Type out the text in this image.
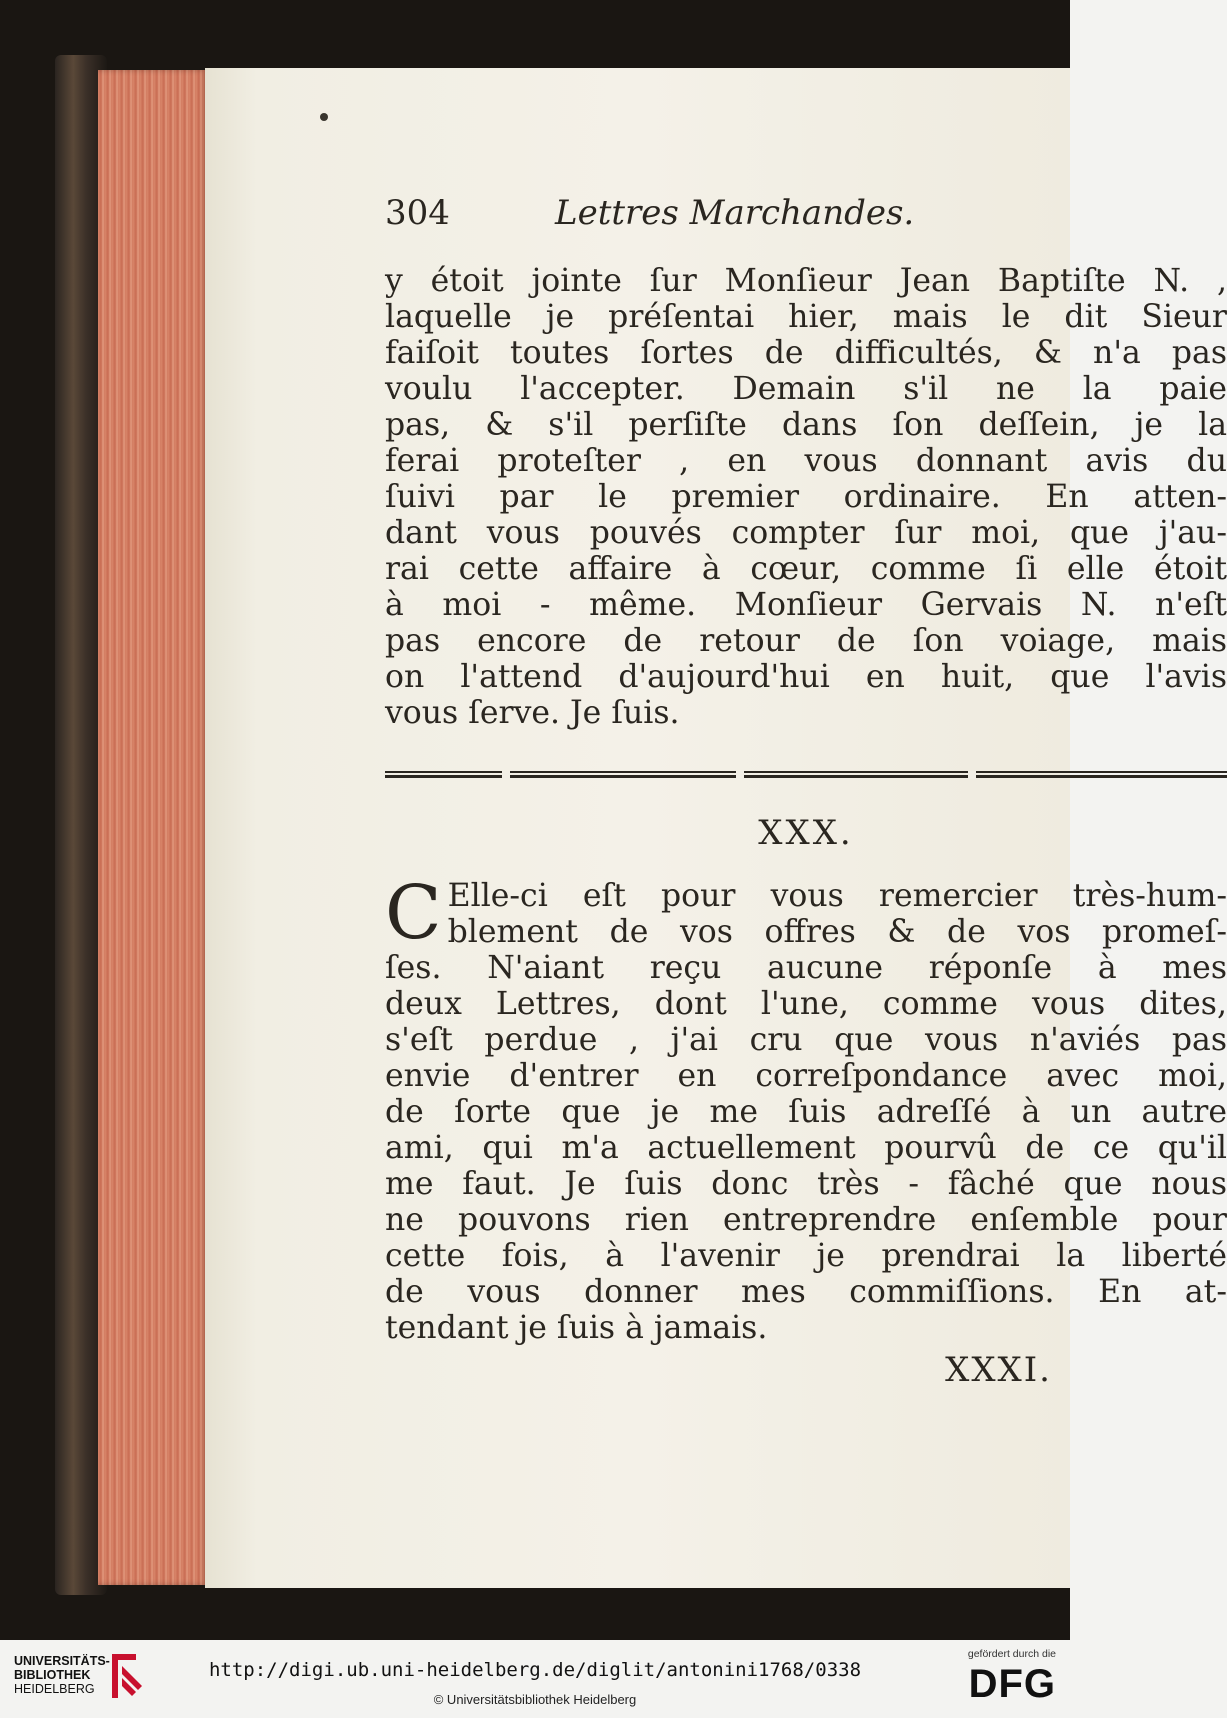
304	Lettres Marchandes.
y étoit jointe ſur Monſieur Jean Baptiſte N. ,
laquelle je préſentai hier, mais le dit Sieur
faiſoit toutes ſortes de difficultés, & n'a pas
voulu l'accepter. Demain s'il ne la paie
pas, & s'il perſiſte dans ſon deſſein, je la
ferai proteſter , en vous donnant avis du
ſuivi par le premier ordinaire. En atten-
dant vous pouvés compter ſur moi, que j'au-
rai cette affaire à cœur, comme ſi elle étoit
à moi - même. Monſieur Gervais N. n'eſt
pas encore de retour de ſon voiage, mais
on l'attend d'aujourd'hui en huit, que l'avis
vous ſerve. Je ſuis.
XXX.
C Elle-ci eſt pour vous remercier très-hum-
blement de vos offres & de vos promeſ-
ſes. N'aiant reçu aucune réponſe à mes
deux Lettres, dont l'une, comme vous dites,
s'eſt perdue , j'ai cru que vous n'aviés pas
envie d'entrer en correſpondance avec moi,
de ſorte que je me ſuis adreſſé à un autre
ami, qui m'a actuellement pourvû de ce qu'il
me faut. Je ſuis donc très - fâché que nous
ne pouvons rien entreprendre enſemble pour
cette fois, à l'avenir je prendrai la liberté
de vous donner mes commiſſions. En at-
tendant je ſuis à jamais.
XXXI.
UNIVERSITÄTS-
BIBLIOTHEK
HEIDELBERG
http://digi.ub.uni-heidelberg.de/diglit/antonini1768/0338
© Universitätsbibliothek Heidelberg
gefördert durch die
DFG
